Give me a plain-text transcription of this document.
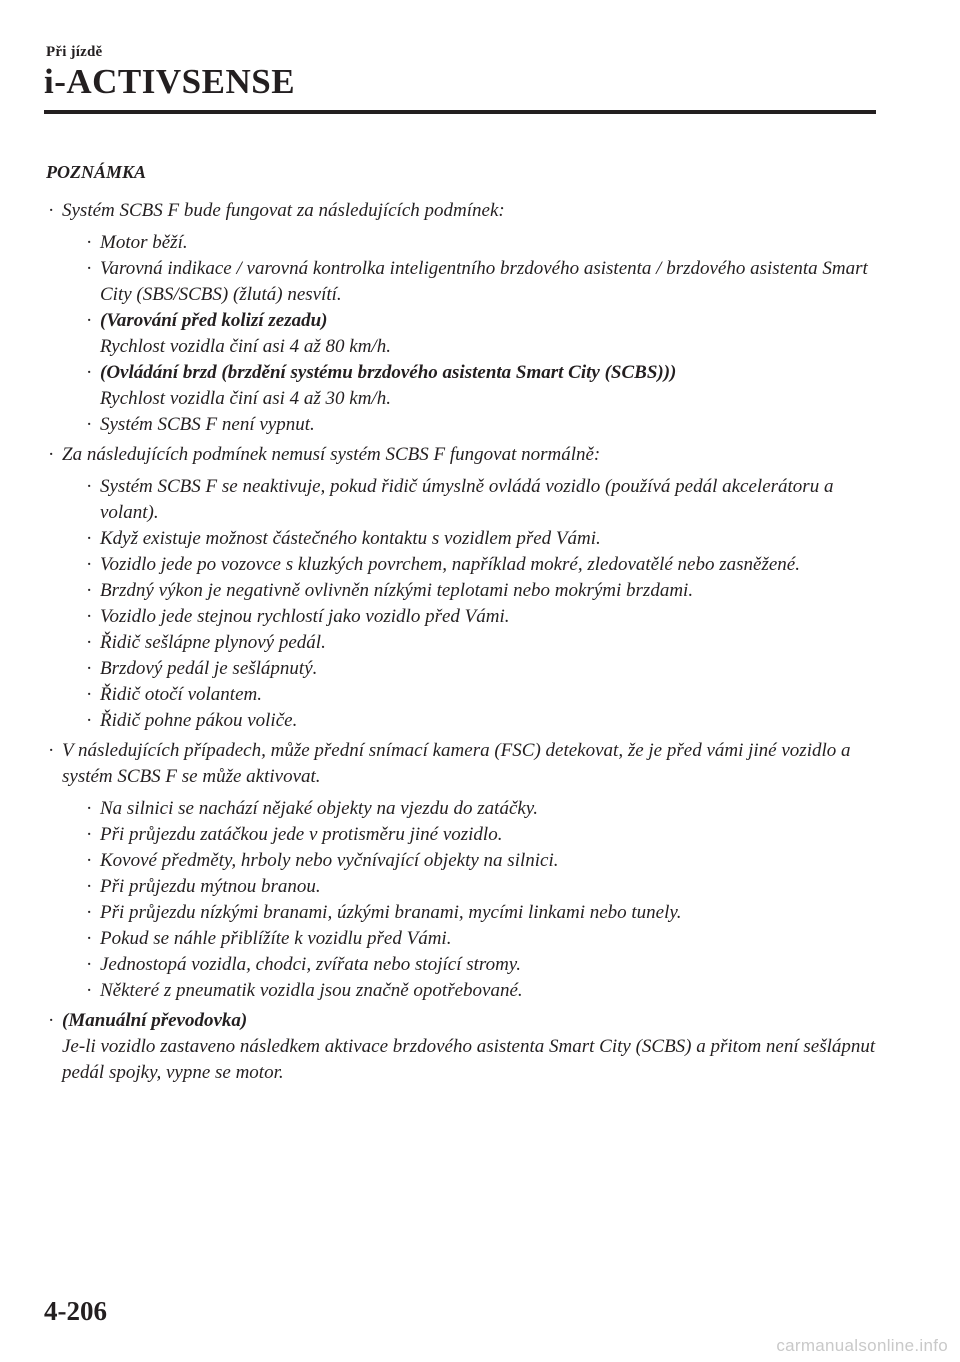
Při jízdě
i-ACTIVSENSE
POZNÁMKA
· Systém SCBS F bude fungovat za následujících podmínek:
· Motor běží.
· Varovná indikace / varovná kontrolka inteligentního brzdového asistenta / brzdového asistenta Smart City (SBS/SCBS) (žlutá) nesvítí.
· (Varování před kolizí zezadu)
Rychlost vozidla činí asi 4 až 80 km/h.
· (Ovládání brzd (brzdění systému brzdového asistenta Smart City (SCBS)))
Rychlost vozidla činí asi 4 až 30 km/h.
· Systém SCBS F není vypnut.
· Za následujících podmínek nemusí systém SCBS F fungovat normálně:
· Systém SCBS F se neaktivuje, pokud řidič úmyslně ovládá vozidlo (používá pedál akcelerátoru a volant).
· Když existuje možnost částečného kontaktu s vozidlem před Vámi.
· Vozidlo jede po vozovce s kluzkých povrchem, například mokré, zledovatělé nebo zasněžené.
· Brzdný výkon je negativně ovlivněn nízkými teplotami nebo mokrými brzdami.
· Vozidlo jede stejnou rychlostí jako vozidlo před Vámi.
· Řidič sešlápne plynový pedál.
· Brzdový pedál je sešlápnutý.
· Řidič otočí volantem.
· Řidič pohne pákou voliče.
· V následujících případech, může přední snímací kamera (FSC) detekovat, že je před vámi jiné vozidlo a systém SCBS F se může aktivovat.
· Na silnici se nachází nějaké objekty na vjezdu do zatáčky.
· Při průjezdu zatáčkou jede v protisměru jiné vozidlo.
· Kovové předměty, hrboly nebo vyčnívající objekty na silnici.
· Při průjezdu mýtnou branou.
· Při průjezdu nízkými branami, úzkými branami, mycími linkami nebo tunely.
· Pokud se náhle přiblížíte k vozidlu před Vámi.
· Jednostopá vozidla, chodci, zvířata nebo stojící stromy.
· Některé z pneumatik vozidla jsou značně opotřebované.
· (Manuální převodovka)
Je-li vozidlo zastaveno následkem aktivace brzdového asistenta Smart City (SCBS) a přitom není sešlápnut pedál spojky, vypne se motor.
4-206
carmanualsonline.info
